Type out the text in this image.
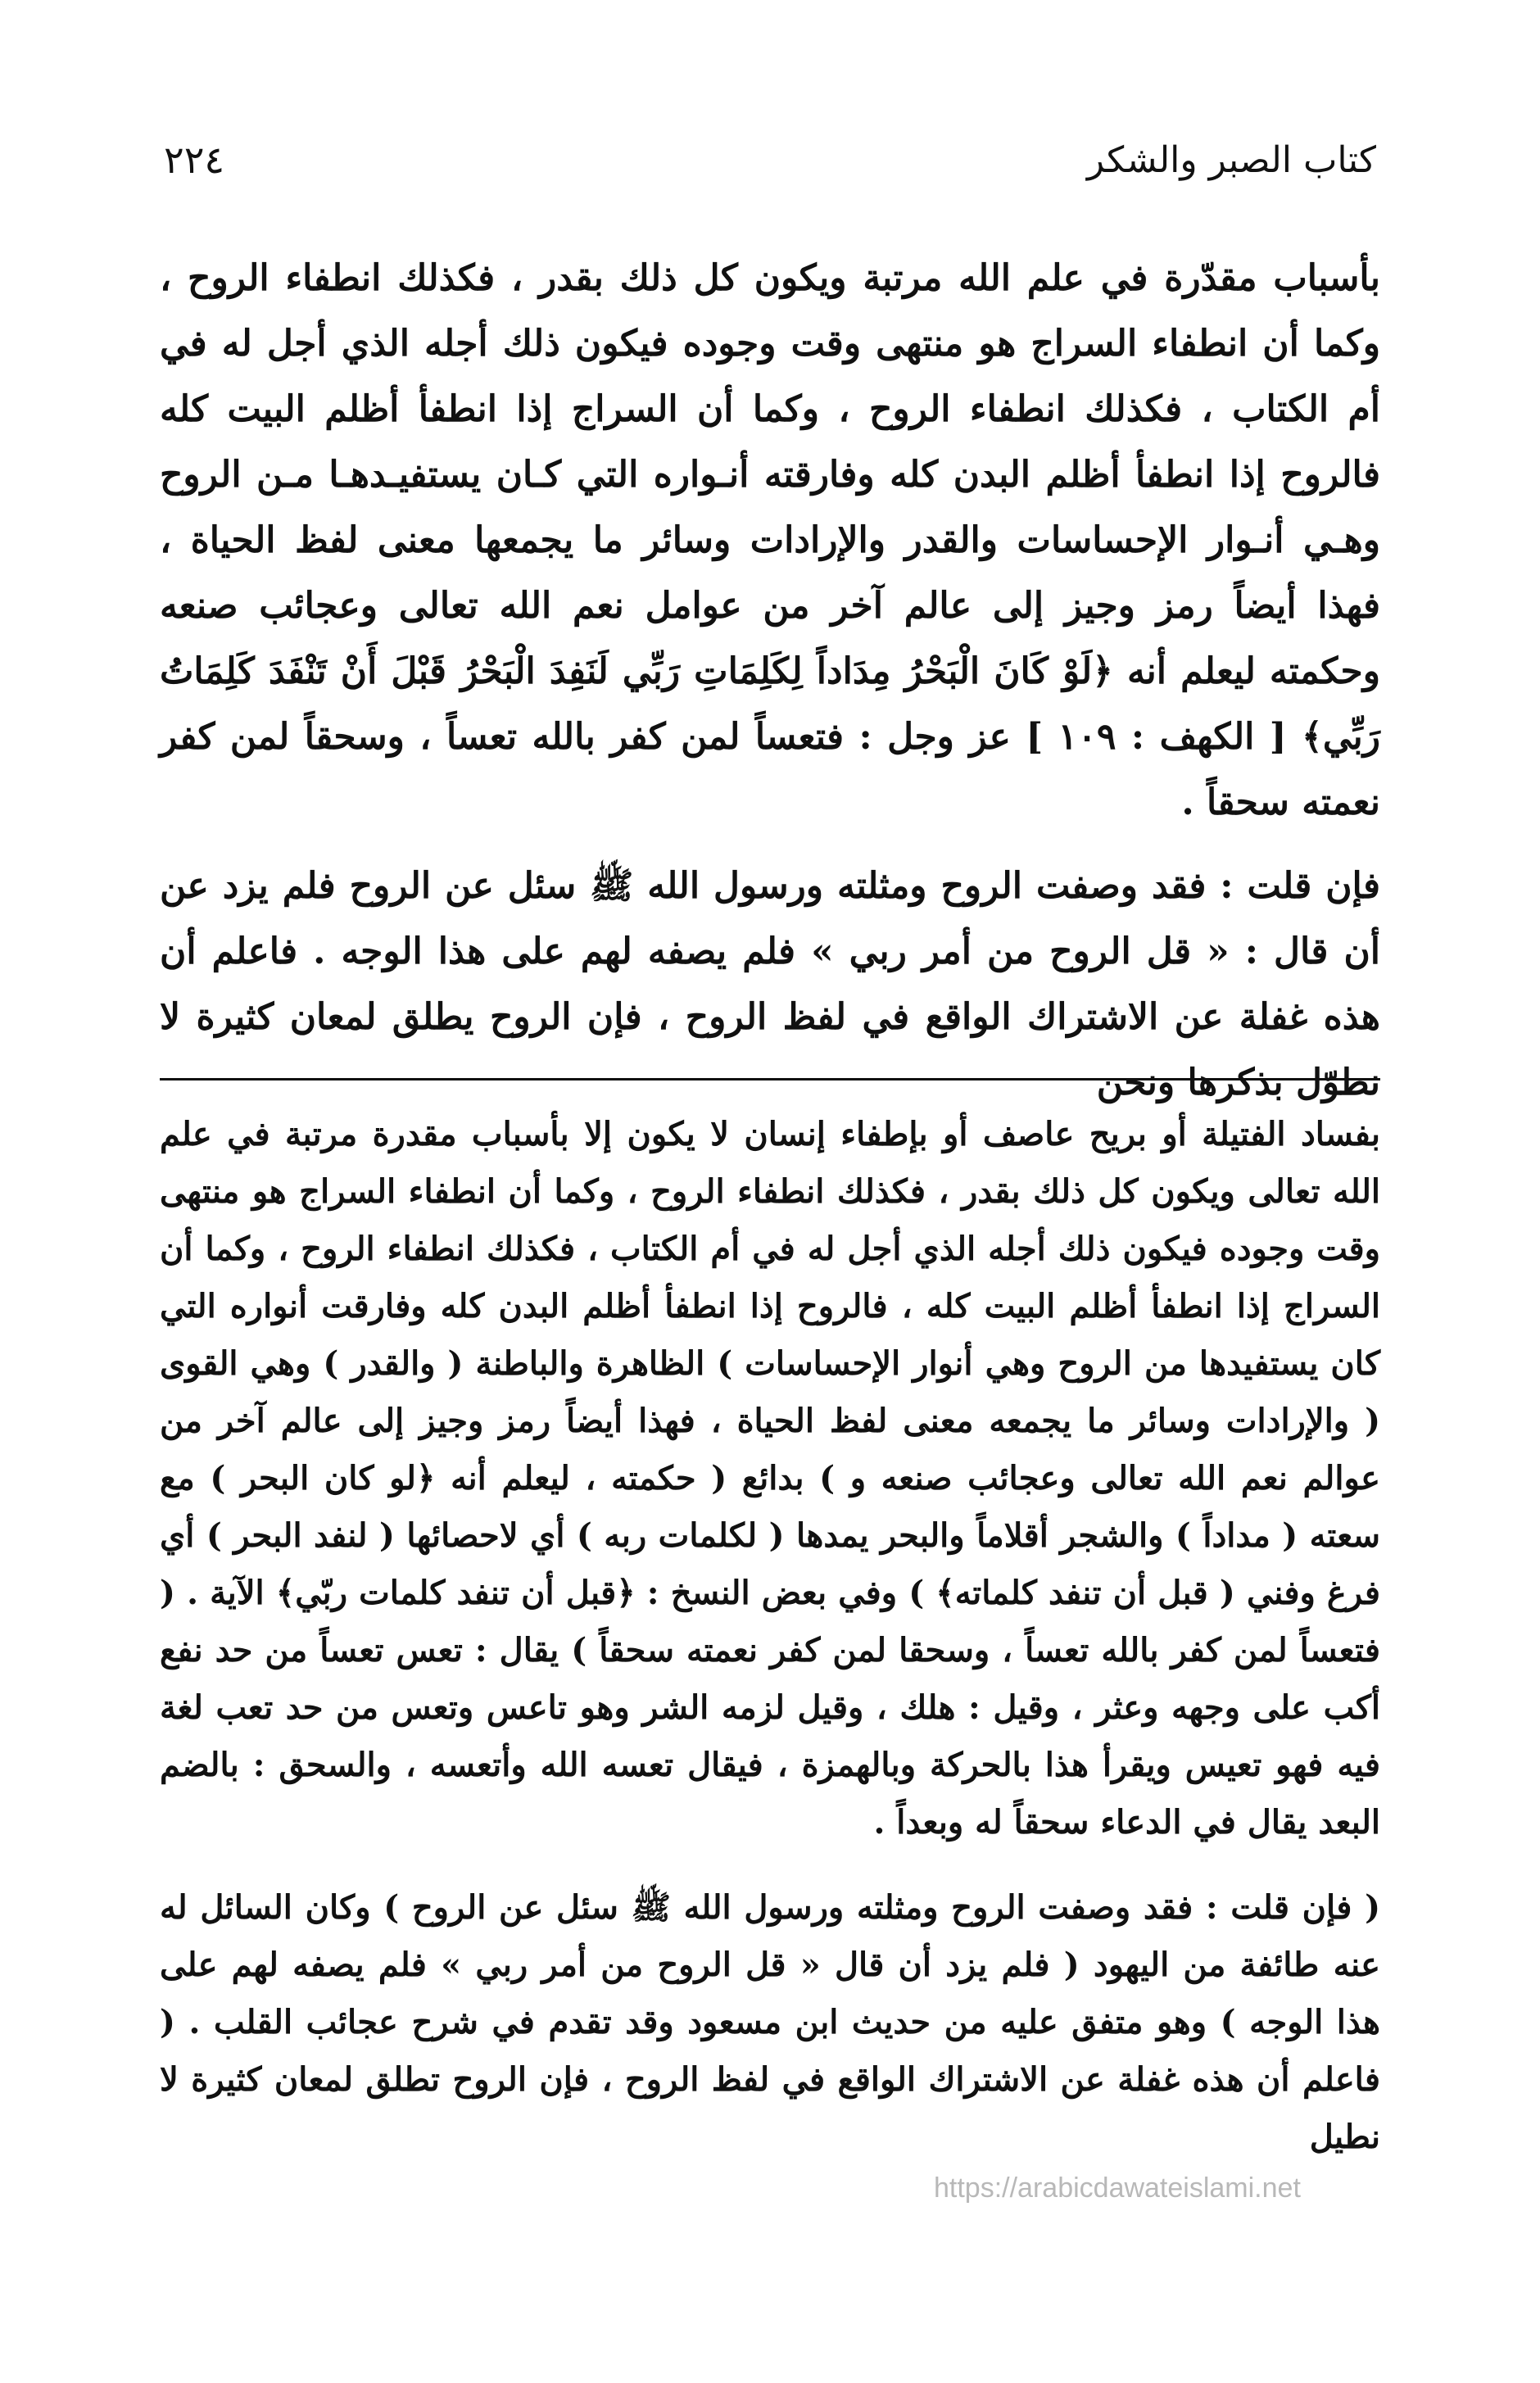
٢٢٤	كتاب الصبر والشكر

بأسباب مقدّرة في علم الله مرتبة ويكون كل ذلك بقدر ، فكذلك انطفاء الروح ، وكما أن انطفاء السراج هو منتهى وقت وجوده فيكون ذلك أجله الذي أجل له في أم الكتاب ، فكذلك انطفاء الروح ، وكما أن السراج إذا انطفأ أظلم البيت كله فالروح إذا انطفأ أظلم البدن كله وفارقته أنـواره التي كـان يستفيـدهـا مـن الروح وهـي أنـوار الإحساسات والقدر والإرادات وسائر ما يجمعها معنى لفظ الحياة ، فهذا أيضاً رمز وجيز إلى عالم آخر من عوامل نعم الله تعالى وعجائب صنعه وحكمته ليعلم أنه ﴿لَوْ كَانَ الْبَحْرُ مِدَاداً لِكَلِمَاتِ رَبِّي لَنَفِدَ الْبَحْرُ قَبْلَ أَنْ تَنْفَدَ كَلِمَاتُ رَبِّي﴾ [ الكهف : ١٠٩ ] عز وجل : فتعساً لمن كفر بالله تعساً ، وسحقاً لمن كفر نعمته سحقاً .

فإن قلت : فقد وصفت الروح ومثلته ورسول الله ﷺ سئل عن الروح فلم يزد عن أن قال : « قل الروح من أمر ربي » فلم يصفه لهم على هذا الوجه . فاعلم أن هذه غفلة عن الاشتراك الواقع في لفظ الروح ، فإن الروح يطلق لمعان كثيرة لا نطوّل بذكرها ونحن

بفساد الفتيلة أو بريح عاصف أو بإطفاء إنسان لا يكون إلا بأسباب مقدرة مرتبة في علم الله تعالى ويكون كل ذلك بقدر ، فكذلك انطفاء الروح ، وكما أن انطفاء السراج هو منتهى وقت وجوده فيكون ذلك أجله الذي أجل له في أم الكتاب ، فكذلك انطفاء الروح ، وكما أن السراج إذا انطفأ أظلم البيت كله ، فالروح إذا انطفأ أظلم البدن كله وفارقت أنواره التي كان يستفيدها من الروح وهي أنوار الإحساسات ) الظاهرة والباطنة ( والقدر ) وهي القوى ( والإرادات وسائر ما يجمعه معنى لفظ الحياة ، فهذا أيضاً رمز وجيز إلى عالم آخر من عوالم نعم الله تعالى وعجائب صنعه و ) بدائع ( حكمته ، ليعلم أنه ﴿لو كان البحر ) مع سعته ( مداداً ) والشجر أقلاماً والبحر يمدها ( لكلمات ربه ) أي لاحصائها ( لنفد البحر ) أي فرغ وفني ( قبل أن تنفد كلماته﴾ ) وفي بعض النسخ : ﴿قبل أن تنفد كلمات ربّي﴾ الآية . ( فتعساً لمن كفر بالله تعساً ، وسحقا لمن كفر نعمته سحقاً ) يقال : تعس تعساً من حد نفع أكب على وجهه وعثر ، وقيل : هلك ، وقيل لزمه الشر وهو تاعس وتعس من حد تعب لغة فيه فهو تعيس ويقرأ هذا بالحركة وبالهمزة ، فيقال تعسه الله وأتعسه ، والسحق : بالضم البعد يقال في الدعاء سحقاً له وبعداً .

( فإن قلت : فقد وصفت الروح ومثلته ورسول الله ﷺ سئل عن الروح ) وكان السائل له عنه طائفة من اليهود ( فلم يزد أن قال « قل الروح من أمر ربي » فلم يصفه لهم على هذا الوجه ) وهو متفق عليه من حديث ابن مسعود وقد تقدم في شرح عجائب القلب . ( فاعلم أن هذه غفلة عن الاشتراك الواقع في لفظ الروح ، فإن الروح تطلق لمعان كثيرة لا نطيل

https://arabicdawateislami.net
